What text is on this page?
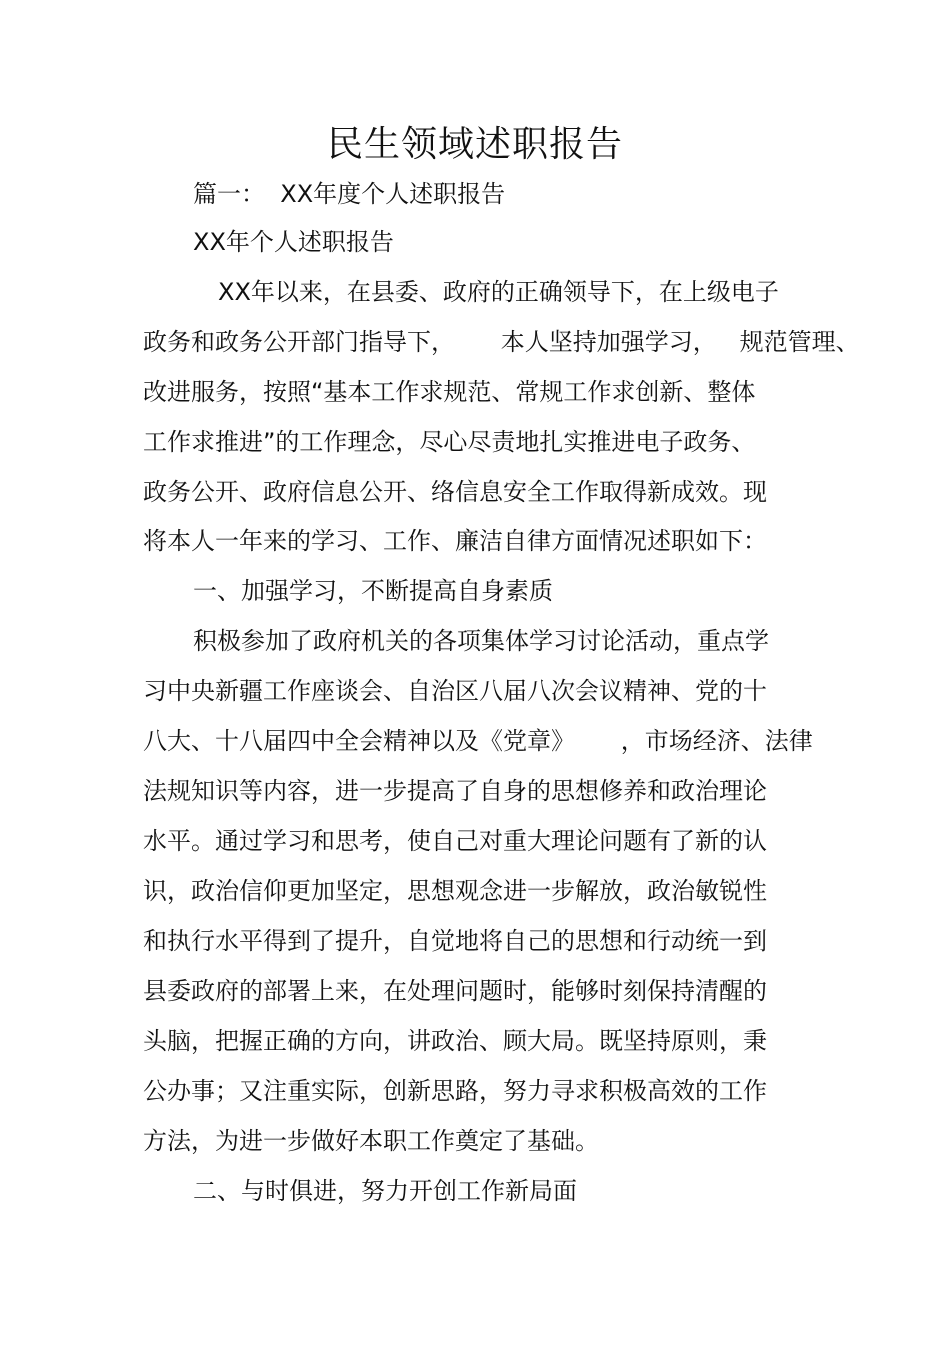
民生领域述职报告
篇一：  XX年度个人述职报告
XX年个人述职报告
XX年以来，在县委、政府的正确领导下，在上级电子
政务和政务公开部门指导下，      本人坚持加强学习，   规范管理、
改进服务，按照“基本工作求规范、常规工作求创新、整体
工作求推进”的工作理念，尽心尽责地扎实推进电子政务、
政务公开、政府信息公开、络信息安全工作取得新成效。现
将本人一年来的学习、工作、廉洁自律方面情况述职如下：
一、加强学习，不断提高自身素质
积极参加了政府机关的各项集体学习讨论活动，重点学
习中央新疆工作座谈会、自治区八届八次会议精神、党的十
八大、十八届四中全会精神以及《党章》      ，市场经济、法律
法规知识等内容，进一步提高了自身的思想修养和政治理论
水平。通过学习和思考，使自己对重大理论问题有了新的认
识，政治信仰更加坚定，思想观念进一步解放，政治敏锐性
和执行水平得到了提升，自觉地将自己的思想和行动统一到
县委政府的部署上来，在处理问题时，能够时刻保持清醒的
头脑，把握正确的方向，讲政治、顾大局。既坚持原则，秉
公办事；又注重实际，创新思路，努力寻求积极高效的工作
方法，为进一步做好本职工作奠定了基础。
二、与时俱进，努力开创工作新局面
